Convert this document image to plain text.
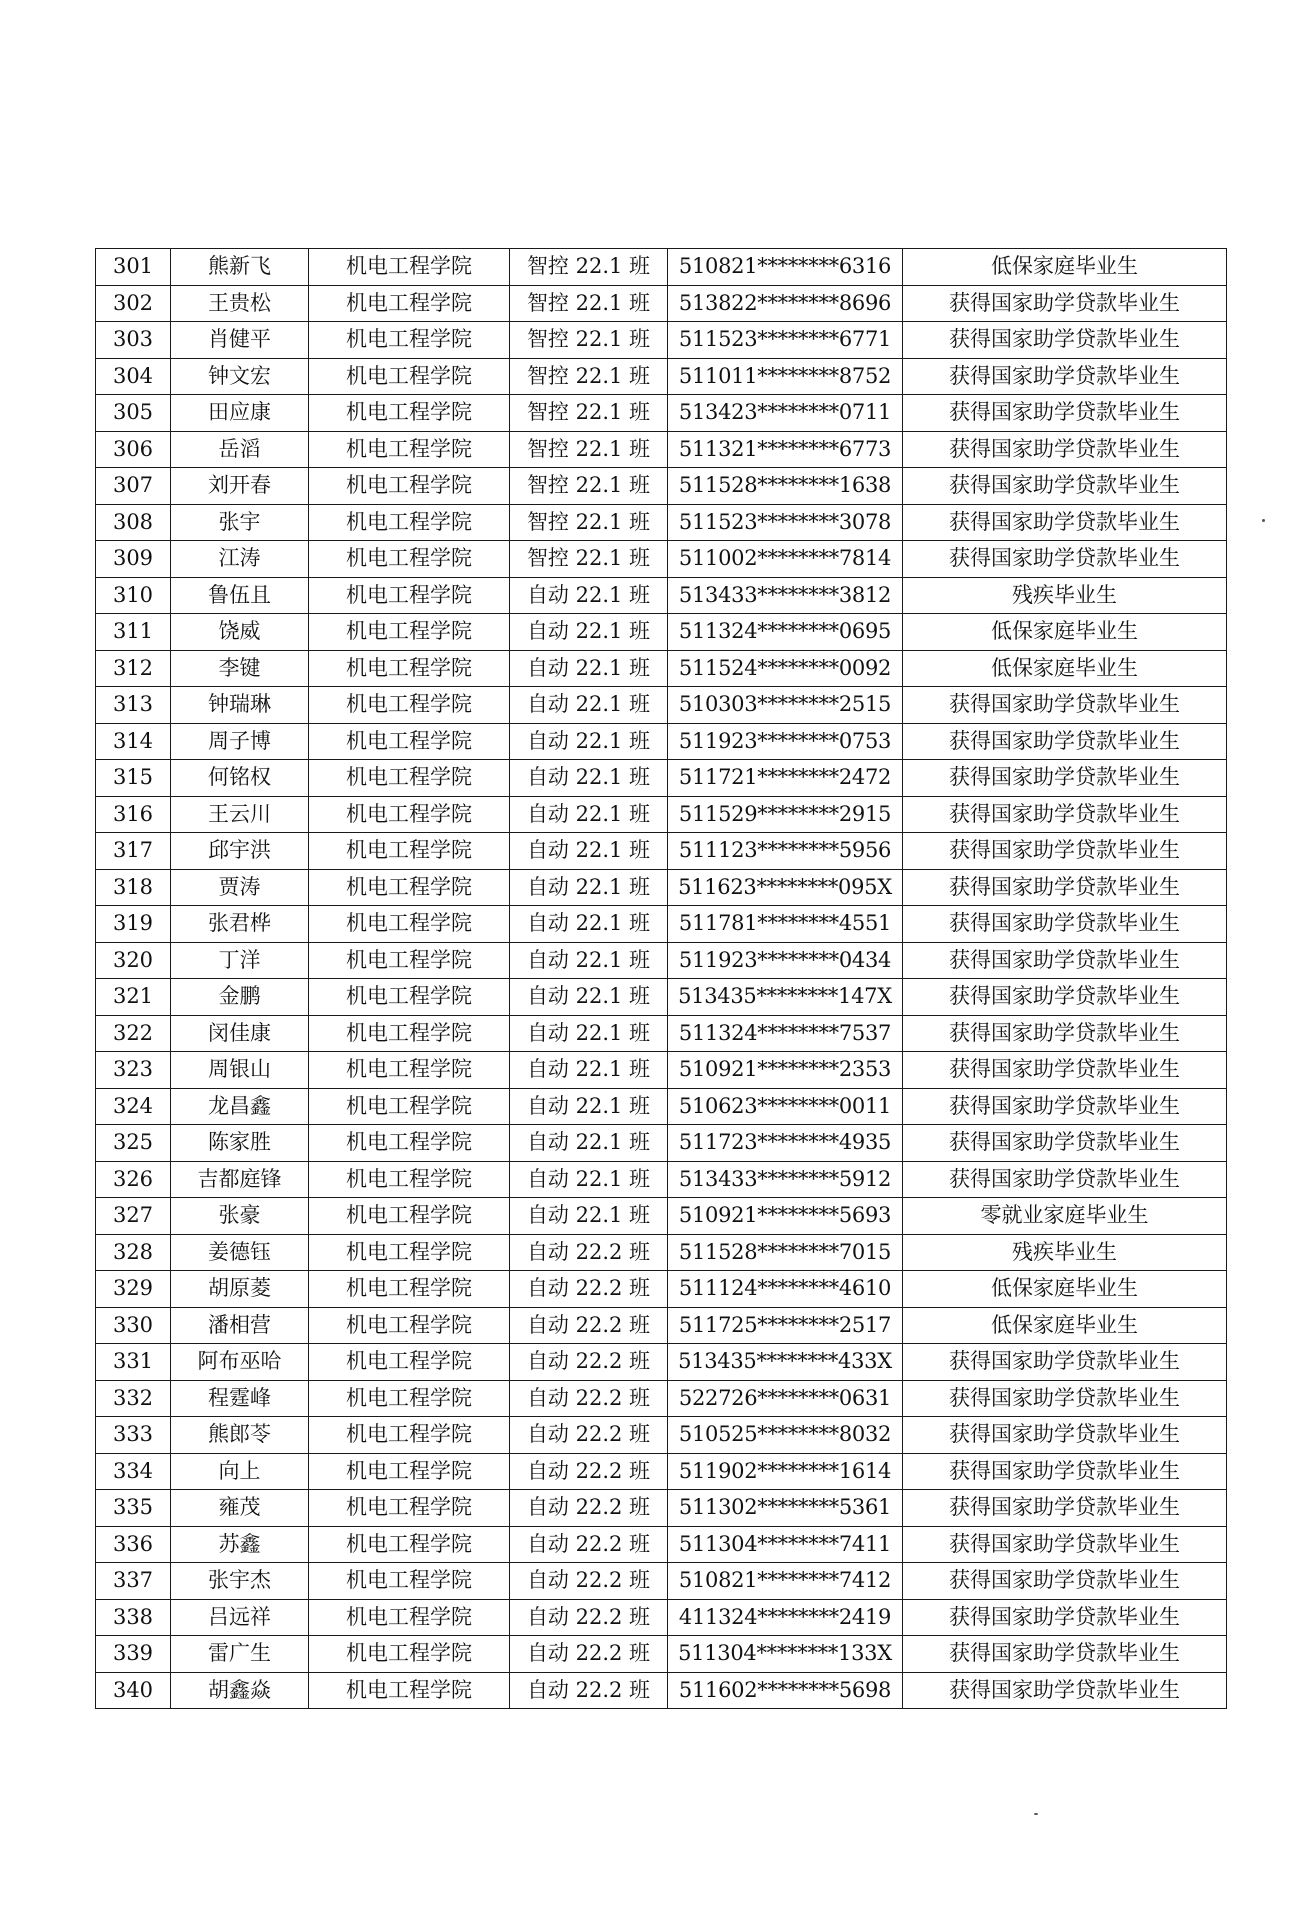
301	熊新飞	机电工程学院	智控 22.1 班	510821********6316	低保家庭毕业生
302	王贵松	机电工程学院	智控 22.1 班	513822********8696	获得国家助学贷款毕业生
303	肖健平	机电工程学院	智控 22.1 班	511523********6771	获得国家助学贷款毕业生
304	钟文宏	机电工程学院	智控 22.1 班	511011********8752	获得国家助学贷款毕业生
305	田应康	机电工程学院	智控 22.1 班	513423********0711	获得国家助学贷款毕业生
306	岳滔	机电工程学院	智控 22.1 班	511321********6773	获得国家助学贷款毕业生
307	刘开春	机电工程学院	智控 22.1 班	511528********1638	获得国家助学贷款毕业生
308	张宇	机电工程学院	智控 22.1 班	511523********3078	获得国家助学贷款毕业生
309	江涛	机电工程学院	智控 22.1 班	511002********7814	获得国家助学贷款毕业生
310	鲁伍且	机电工程学院	自动 22.1 班	513433********3812	残疾毕业生
311	饶威	机电工程学院	自动 22.1 班	511324********0695	低保家庭毕业生
312	李键	机电工程学院	自动 22.1 班	511524********0092	低保家庭毕业生
313	钟瑞琳	机电工程学院	自动 22.1 班	510303********2515	获得国家助学贷款毕业生
314	周子博	机电工程学院	自动 22.1 班	511923********0753	获得国家助学贷款毕业生
315	何铭权	机电工程学院	自动 22.1 班	511721********2472	获得国家助学贷款毕业生
316	王云川	机电工程学院	自动 22.1 班	511529********2915	获得国家助学贷款毕业生
317	邱宇洪	机电工程学院	自动 22.1 班	511123********5956	获得国家助学贷款毕业生
318	贾涛	机电工程学院	自动 22.1 班	511623********095X	获得国家助学贷款毕业生
319	张君桦	机电工程学院	自动 22.1 班	511781********4551	获得国家助学贷款毕业生
320	丁洋	机电工程学院	自动 22.1 班	511923********0434	获得国家助学贷款毕业生
321	金鹏	机电工程学院	自动 22.1 班	513435********147X	获得国家助学贷款毕业生
322	闵佳康	机电工程学院	自动 22.1 班	511324********7537	获得国家助学贷款毕业生
323	周银山	机电工程学院	自动 22.1 班	510921********2353	获得国家助学贷款毕业生
324	龙昌鑫	机电工程学院	自动 22.1 班	510623********0011	获得国家助学贷款毕业生
325	陈家胜	机电工程学院	自动 22.1 班	511723********4935	获得国家助学贷款毕业生
326	吉都庭锋	机电工程学院	自动 22.1 班	513433********5912	获得国家助学贷款毕业生
327	张豪	机电工程学院	自动 22.1 班	510921********5693	零就业家庭毕业生
328	姜德钰	机电工程学院	自动 22.2 班	511528********7015	残疾毕业生
329	胡原菱	机电工程学院	自动 22.2 班	511124********4610	低保家庭毕业生
330	潘相营	机电工程学院	自动 22.2 班	511725********2517	低保家庭毕业生
331	阿布巫哈	机电工程学院	自动 22.2 班	513435********433X	获得国家助学贷款毕业生
332	程霆峰	机电工程学院	自动 22.2 班	522726********0631	获得国家助学贷款毕业生
333	熊郎苓	机电工程学院	自动 22.2 班	510525********8032	获得国家助学贷款毕业生
334	向上	机电工程学院	自动 22.2 班	511902********1614	获得国家助学贷款毕业生
335	雍茂	机电工程学院	自动 22.2 班	511302********5361	获得国家助学贷款毕业生
336	苏鑫	机电工程学院	自动 22.2 班	511304********7411	获得国家助学贷款毕业生
337	张宇杰	机电工程学院	自动 22.2 班	510821********7412	获得国家助学贷款毕业生
338	吕远祥	机电工程学院	自动 22.2 班	411324********2419	获得国家助学贷款毕业生
339	雷广生	机电工程学院	自动 22.2 班	511304********133X	获得国家助学贷款毕业生
340	胡鑫焱	机电工程学院	自动 22.2 班	511602********5698	获得国家助学贷款毕业生
